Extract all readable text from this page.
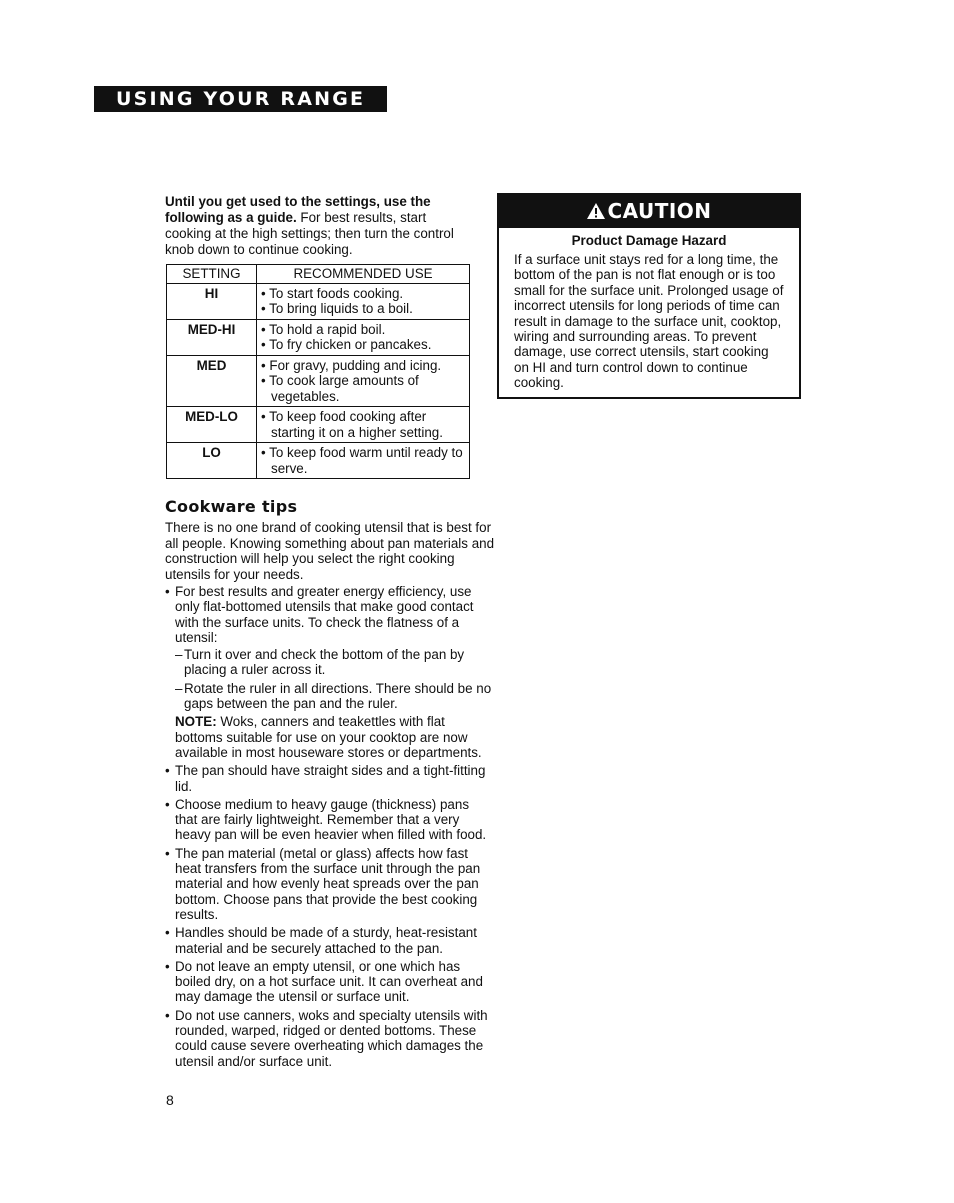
USING YOUR RANGE

Until you get used to the settings, use the following as a guide. For best results, start cooking at the high settings; then turn the control knob down to continue cooking.

SETTING	RECOMMENDED USE
HI	• To start foods cooking.
• To bring liquids to a boil.

MED-HI	• To hold a rapid boil.
• To fry chicken or pancakes.

MED	• For gravy, pudding and icing.
• To cook large amounts of vegetables.

MED-LO	• To keep food cooking after starting it on a higher setting.

LO	• To keep food warm until ready to serve.
Cookware tips

There is no one brand of cooking utensil that is best for all people. Knowing something about pan materials and construction will help you select the right cooking utensils for your needs.

• For best results and greater energy efficiency, use only flat-bottomed utensils that make good contact with the surface units. To check the flatness of a utensil:
– Turn it over and check the bottom of the pan by placing a ruler across it.
– Rotate the ruler in all directions. There should be no gaps between the pan and the ruler.
NOTE: Woks, canners and teakettles with flat bottoms suitable for use on your cooktop are now available in most houseware stores or departments.
• The pan should have straight sides and a tight-fitting lid.
• Choose medium to heavy gauge (thickness) pans that are fairly lightweight. Remember that a very heavy pan will be even heavier when filled with food.
• The pan material (metal or glass) affects how fast heat transfers from the surface unit through the pan material and how evenly heat spreads over the pan bottom. Choose pans that provide the best cooking results.
• Handles should be made of a sturdy, heat-resistant material and be securely attached to the pan.
• Do not leave an empty utensil, or one which has boiled dry, on a hot surface unit. It can overheat and may damage the utensil or surface unit.
• Do not use canners, woks and specialty utensils with rounded, warped, ridged or dented bottoms. These could cause severe overheating which damages the utensil and/or surface unit.
8
CAUTION
Product Damage Hazard
If a surface unit stays red for a long time, the bottom of the pan is not flat enough or is too small for the surface unit. Prolonged usage of incorrect utensils for long periods of time can result in damage to the surface unit, cooktop, wiring and surrounding areas. To prevent damage, use correct utensils, start cooking on HI and turn control down to continue cooking.
